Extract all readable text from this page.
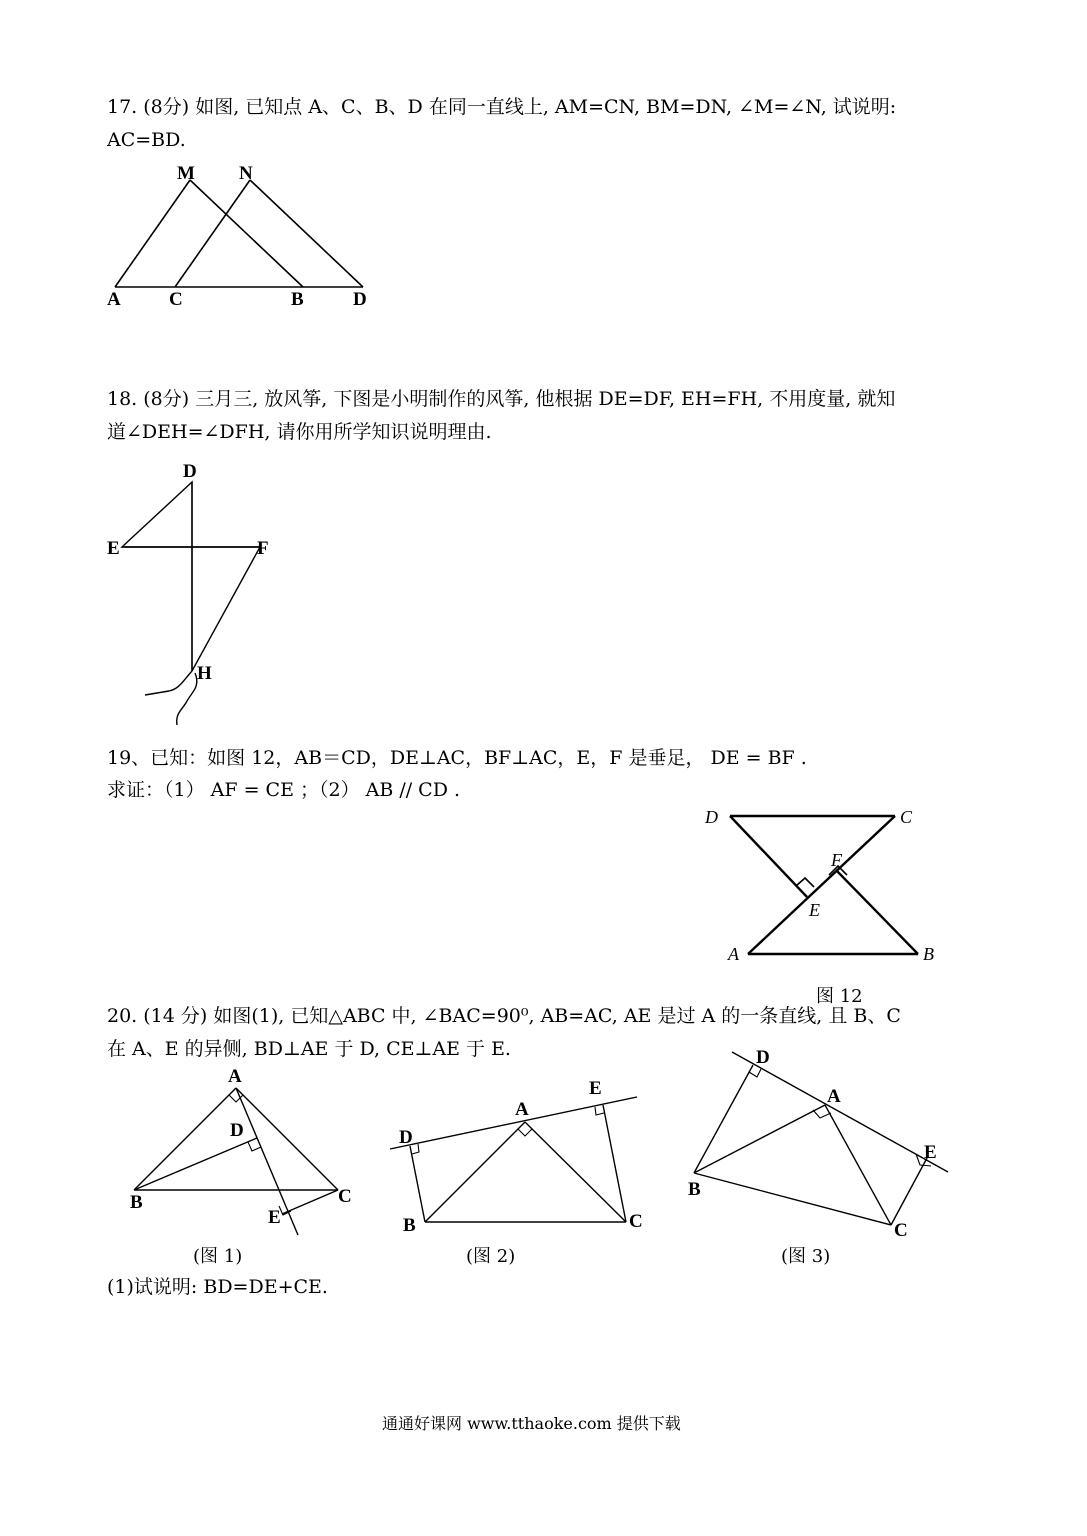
17. (8分) 如图, 已知点 A、C、B、D 在同一直线上, AM=CN, BM=DN, ∠M=∠N, 试说明:
AC=BD.
M N
A	C	B	D
18. (8分) 三月三, 放风筝, 下图是小明制作的风筝, 他根据 DE=DF, EH=FH, 不用度量, 就知
道∠DEH=∠DFH, 请你用所学知识说明理由.
D
E	F
H
19、已知：如图 12，AB＝CD，DE⊥AC，BF⊥AC，E，F 是垂足， DE = BF .
求证：（1） AF = CE ；（2） AB // CD .
D	C
F
E
A	B
图 12
20. (14 分) 如图(1), 已知△ABC 中, ∠BAC=90⁰, AB=AC, AE 是过 A 的一条直线, 且 B、C
在 A、E 的异侧, BD⊥AE 于 D, CE⊥AE 于 E.
A
D
B	C
E
(图 1)
E
A
D
B	C
(图 2)
D
A
E
B
C
(图 3)
(1)试说明: BD=DE+CE.
通通好课网 www.tthaoke.com 提供下载
